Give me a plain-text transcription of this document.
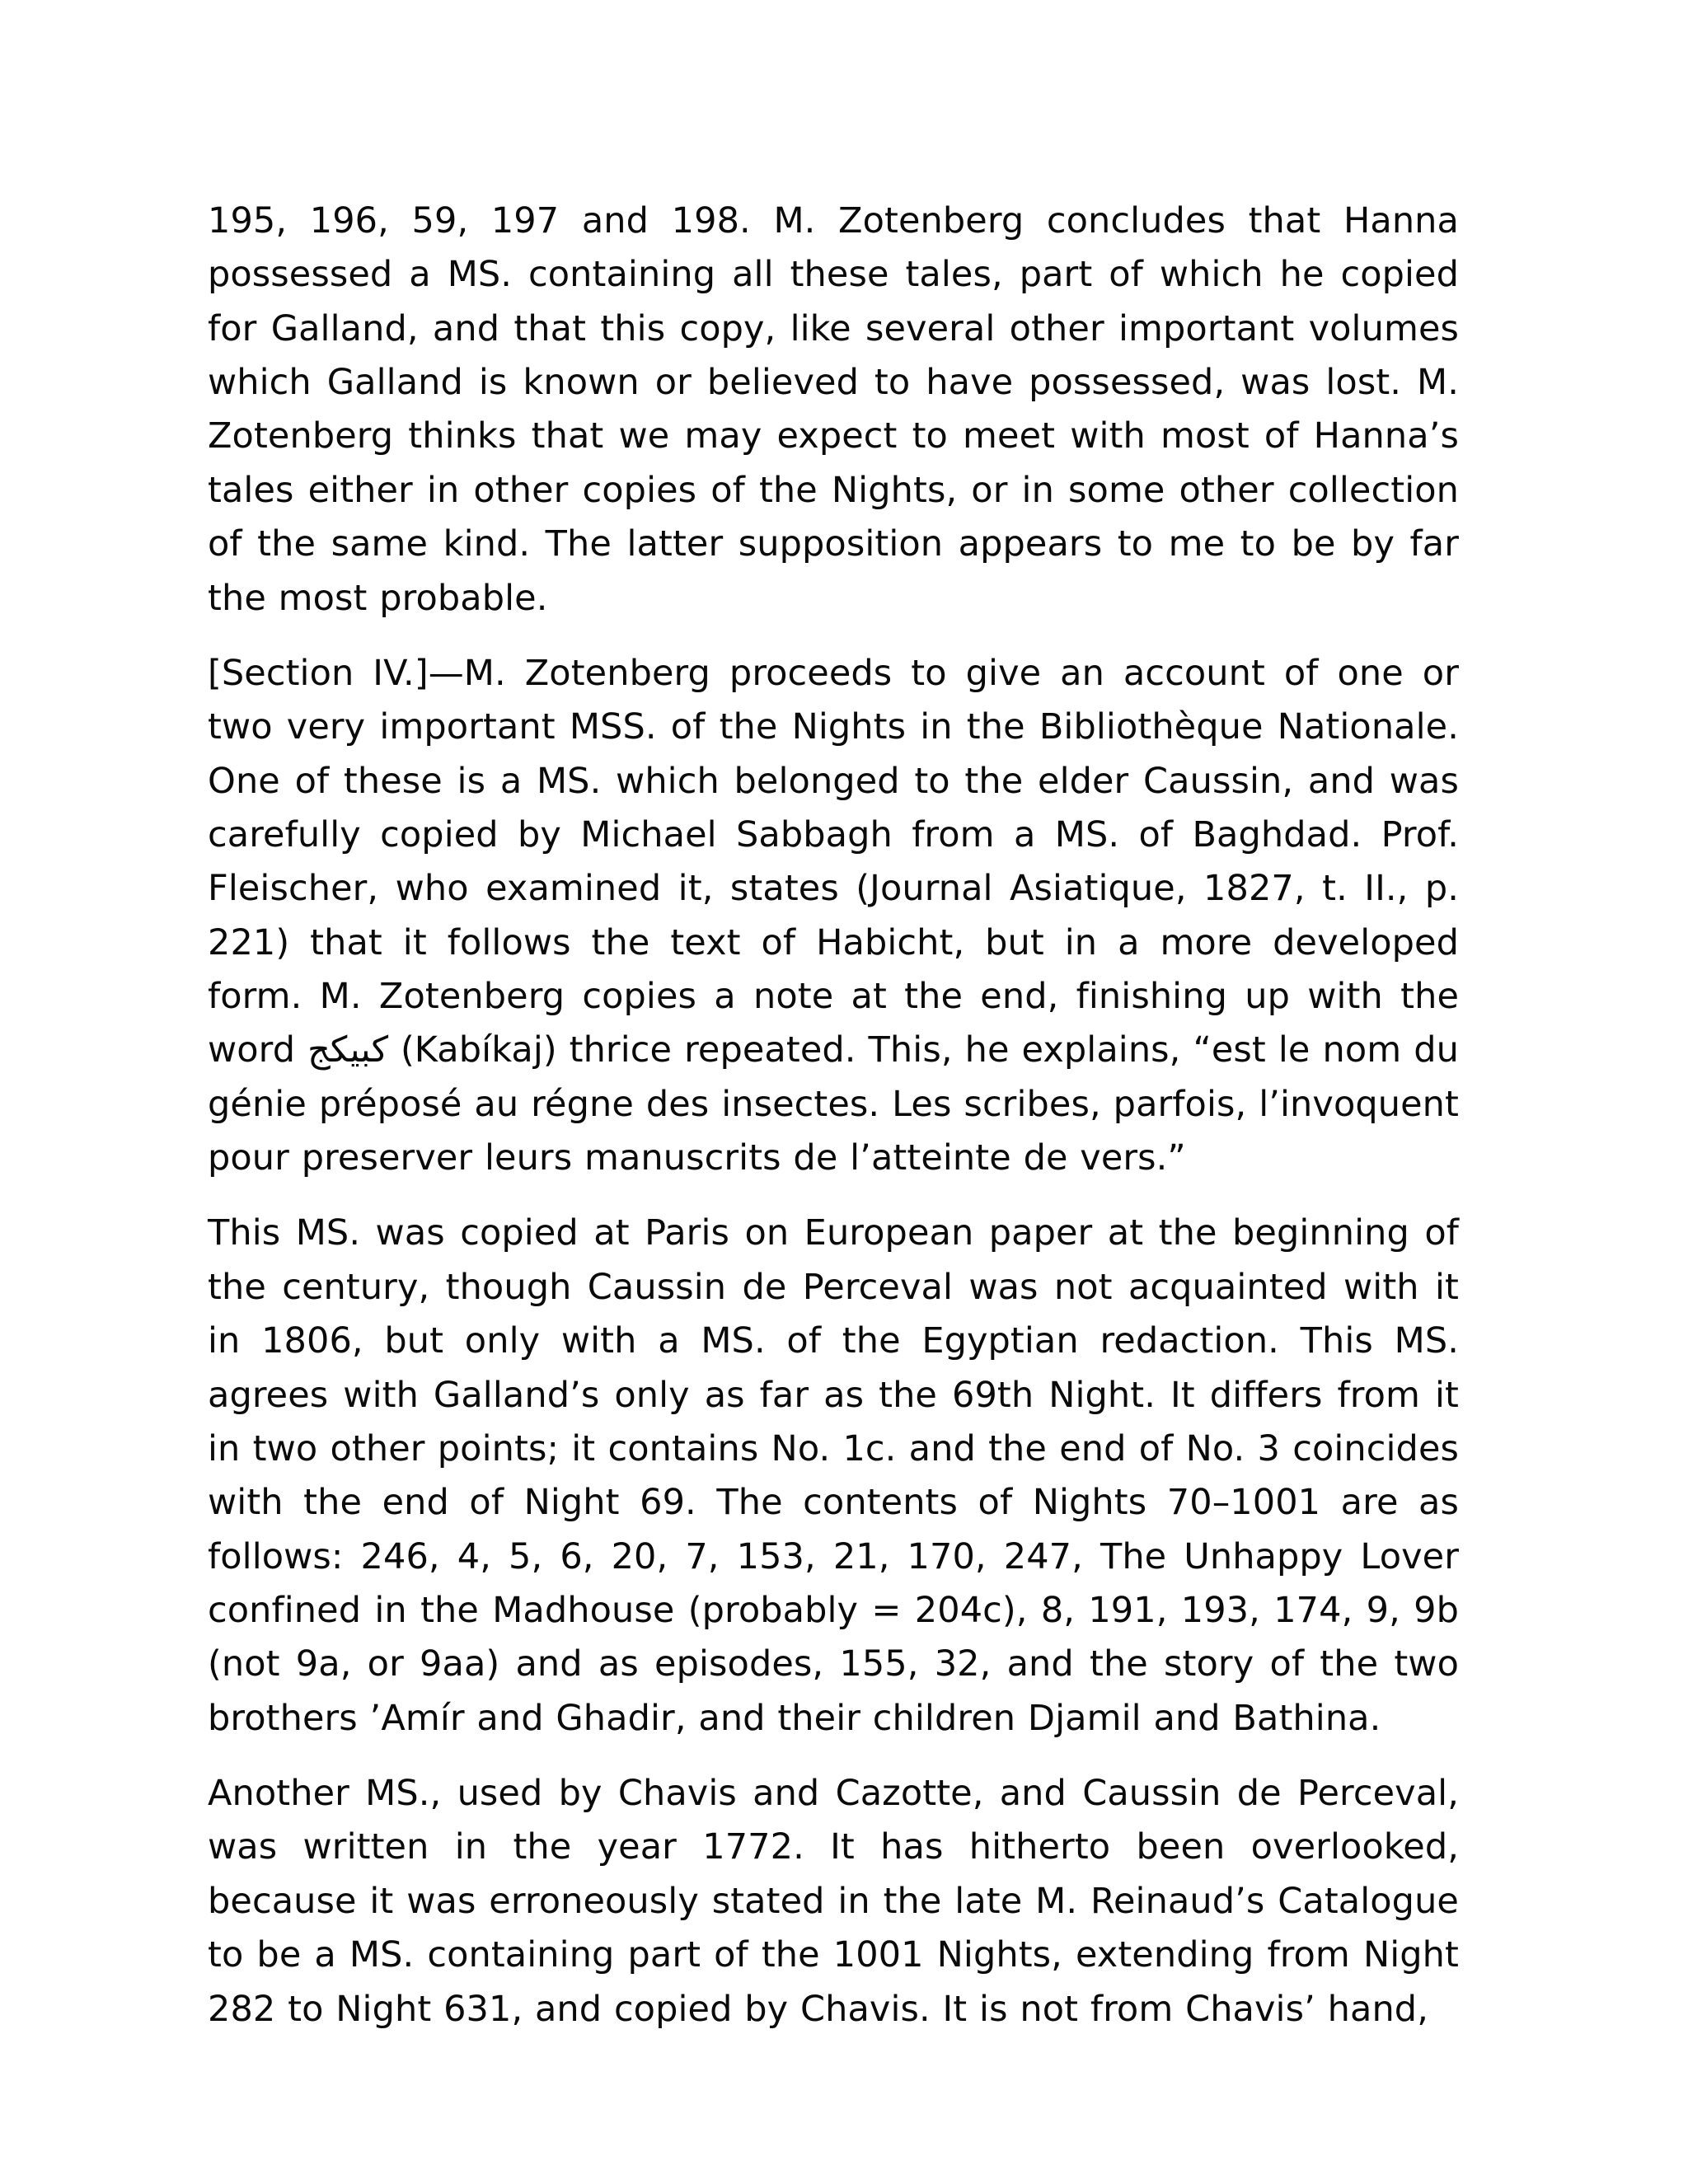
195, 196, 59, 197 and 198. M. Zotenberg concludes that Hanna possessed a MS. containing all these tales, part of which he copied for Galland, and that this copy, like several other important volumes which Galland is known or believed to have possessed, was lost. M. Zotenberg thinks that we may expect to meet with most of Hanna’s tales either in other copies of the Nights, or in some other collection of the same kind. The latter supposition appears to me to be by far the most probable.

[Section IV.]—M. Zotenberg proceeds to give an account of one or two very important MSS. of the Nights in the Bibliothèque Nationale. One of these is a MS. which belonged to the elder Caussin, and was carefully copied by Michael Sabbagh from a MS. of Baghdad. Prof. Fleischer, who examined it, states (Journal Asiatique, 1827, t. II., p. 221) that it follows the text of Habicht, but in a more developed form. M. Zotenberg copies a note at the end, finishing up with the word كبيكج (Kabíkaj) thrice repeated. This, he explains, “est le nom du génie préposé au régne des insectes. Les scribes, parfois, l’invoquent pour preserver leurs manuscrits de l’atteinte de vers.”

This MS. was copied at Paris on European paper at the beginning of the century, though Caussin de Perceval was not acquainted with it in 1806, but only with a MS. of the Egyptian redaction. This MS. agrees with Galland’s only as far as the 69th Night. It differs from it in two other points; it contains No. 1c. and the end of No. 3 coincides with the end of Night 69. The contents of Nights 70–1001 are as follows: 246, 4, 5, 6, 20, 7, 153, 21, 170, 247, The Unhappy Lover confined in the Madhouse (probably = 204c), 8, 191, 193, 174, 9, 9b (not 9a, or 9aa) and as episodes, 155, 32, and the story of the two brothers ʼAmír and Ghadir, and their children Djamil and Bathina.

Another MS., used by Chavis and Cazotte, and Caussin de Perceval, was written in the year 1772. It has hitherto been overlooked, because it was erroneously stated in the late M. Reinaud’s Catalogue to be a MS. containing part of the 1001 Nights, extending from Night 282 to Night 631, and copied by Chavis. It is not from Chavis’ hand,
